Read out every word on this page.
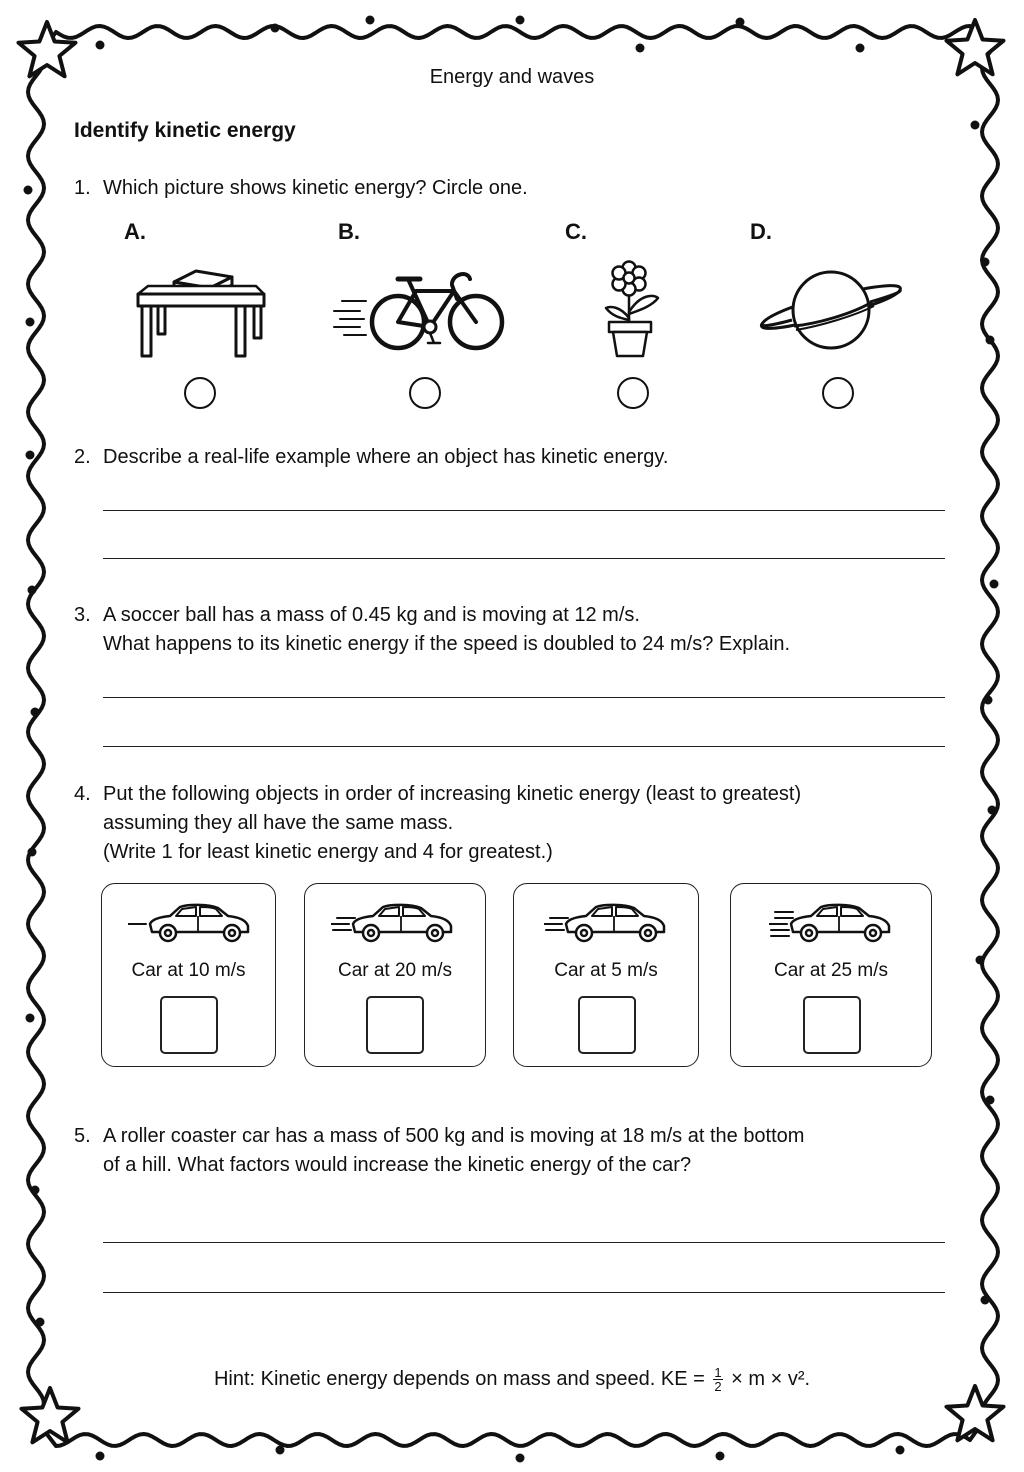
Energy and waves
Identify kinetic energy
1. Which picture shows kinetic energy? Circle one.
A.	B.	C.	D.
2. Describe a real-life example where an object has kinetic energy.
3. A soccer ball has a mass of 0.45 kg and is moving at 12 m/s.
What happens to its kinetic energy if the speed is doubled to 24 m/s? Explain.
4. Put the following objects in order of increasing kinetic energy (least to greatest)
assuming they all have the same mass.
(Write 1 for least kinetic energy and 4 for greatest.)
Car at 10 m/s	Car at 20 m/s	Car at 5 m/s	Car at 25 m/s
5. A roller coaster car has a mass of 500 kg and is moving at 18 m/s at the bottom
of a hill. What factors would increase the kinetic energy of the car?
Hint: Kinetic energy depends on mass and speed. KE = $\frac{1}{2} \times m \times v^2$.
